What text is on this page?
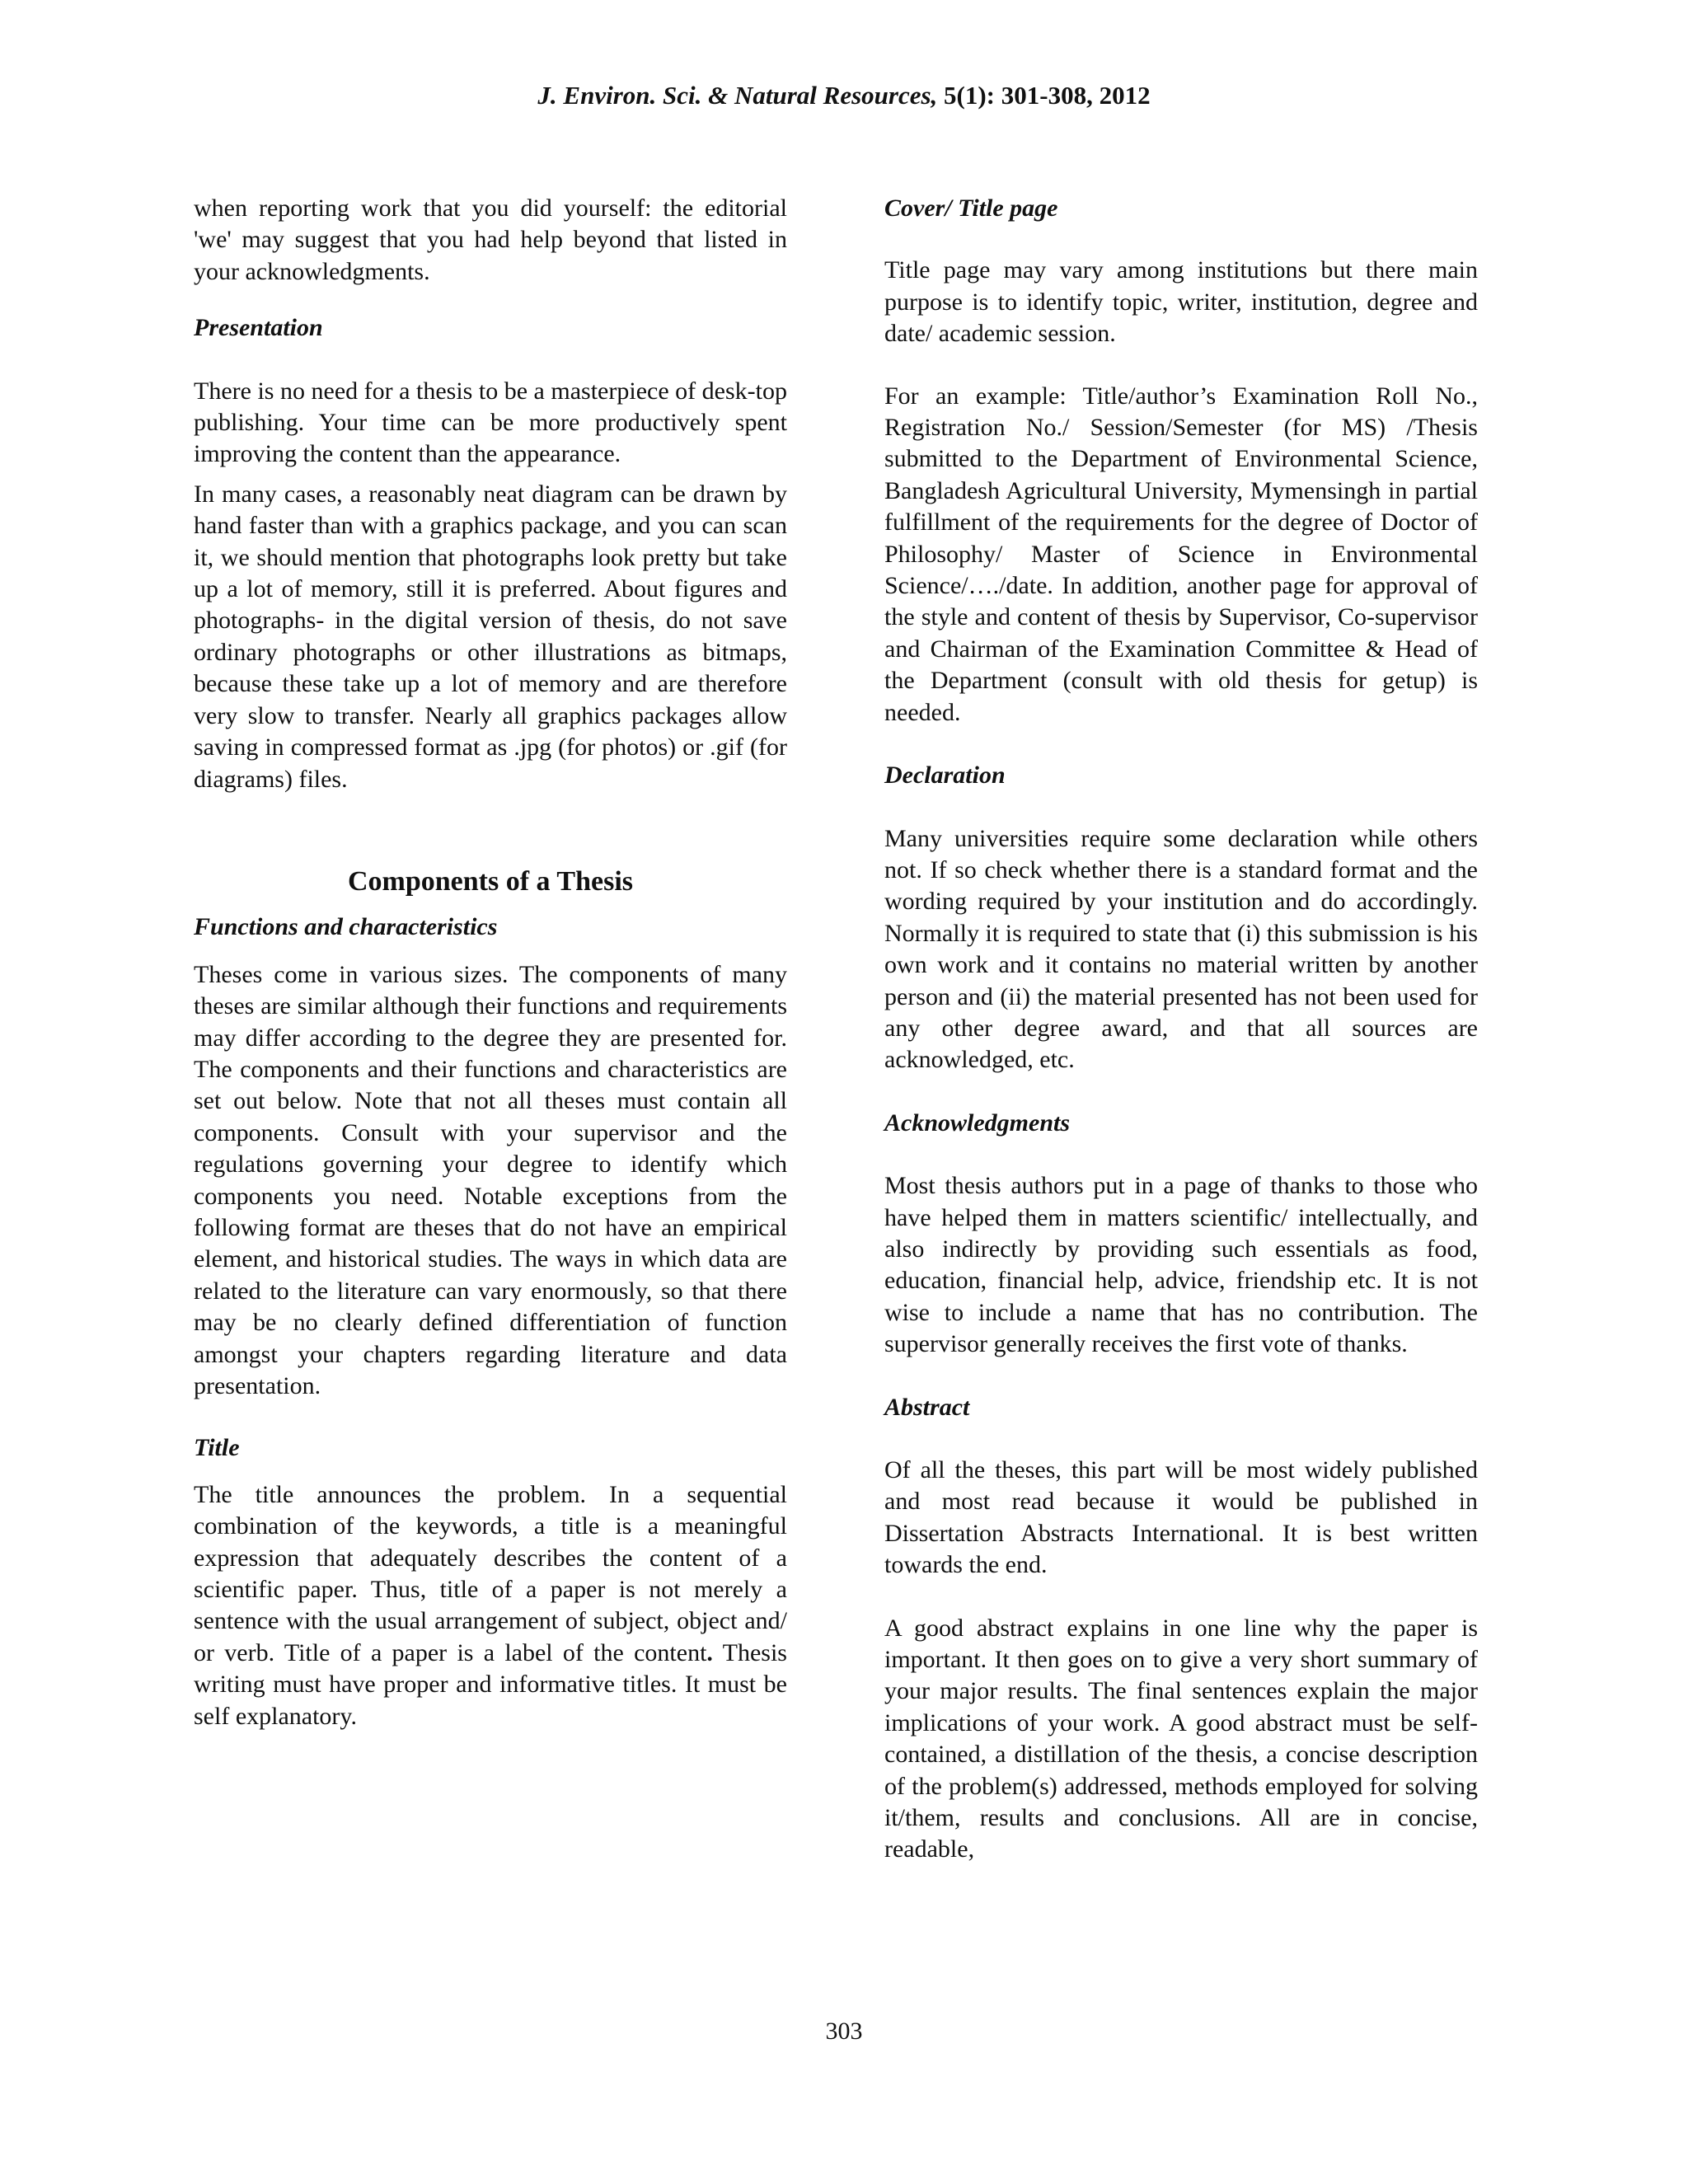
J. Environ. Sci. & Natural Resources, 5(1): 301-308, 2012

when reporting work that you did yourself: the editorial 'we' may suggest that you had help beyond that listed in your acknowledgments.

Presentation

There is no need for a thesis to be a masterpiece of desk-top publishing. Your time can be more productively spent improving the content than the appearance.

In many cases, a reasonably neat diagram can be drawn by hand faster than with a graphics package, and you can scan it, we should mention that photographs look pretty but take up a lot of memory, still it is preferred. About figures and photographs- in the digital version of thesis, do not save ordinary photographs or other illustrations as bitmaps, because these take up a lot of memory and are therefore very slow to transfer. Nearly all graphics packages allow saving in compressed format as .jpg (for photos) or .gif (for diagrams) files.

Components of a Thesis

Functions and characteristics

Theses come in various sizes. The components of many theses are similar although their functions and requirements may differ according to the degree they are presented for. The components and their functions and characteristics are set out below. Note that not all theses must contain all components. Consult with your supervisor and the regulations governing your degree to identify which components you need. Notable exceptions from the following format are theses that do not have an empirical element, and historical studies. The ways in which data are related to the literature can vary enormously, so that there may be no clearly defined differentiation of function amongst your chapters regarding literature and data presentation.

Title

The title announces the problem. In a sequential combination of the keywords, a title is a meaningful expression that adequately describes the content of a scientific paper. Thus, title of a paper is not merely a sentence with the usual arrangement of subject, object and/ or verb. Title of a paper is a label of the content. Thesis writing must have proper and informative titles. It must be self explanatory.

Cover/ Title page

Title page may vary among institutions but there main purpose is to identify topic, writer, institution, degree and date/ academic session.

For an example: Title/author’s Examination Roll No., Registration No./ Session/Semester (for MS) /Thesis submitted to the Department of Environmental Science, Bangladesh Agricultural University, Mymensingh in partial fulfillment of the requirements for the degree of Doctor of Philosophy/ Master of Science in Environmental Science/…./date. In addition, another page for approval of the style and content of thesis by Supervisor, Co-supervisor and Chairman of the Examination Committee & Head of the Department (consult with old thesis for getup) is needed.

Declaration

Many universities require some declaration while others not. If so check whether there is a standard format and the wording required by your institution and do accordingly. Normally it is required to state that (i) this submission is his own work and it contains no material written by another person and (ii) the material presented has not been used for any other degree award, and that all sources are acknowledged, etc.

Acknowledgments

Most thesis authors put in a page of thanks to those who have helped them in matters scientific/ intellectually, and also indirectly by providing such essentials as food, education, financial help, advice, friendship etc. It is not wise to include a name that has no contribution. The supervisor generally receives the first vote of thanks.

Abstract

Of all the theses, this part will be most widely published and most read because it would be published in Dissertation Abstracts International. It is best written towards the end.

A good abstract explains in one line why the paper is important. It then goes on to give a very short summary of your major results. The final sentences explain the major implications of your work. A good abstract must be self-contained, a distillation of the thesis, a concise description of the problem(s) addressed, methods employed for solving it/them, results and conclusions. All are in concise, readable,

303
